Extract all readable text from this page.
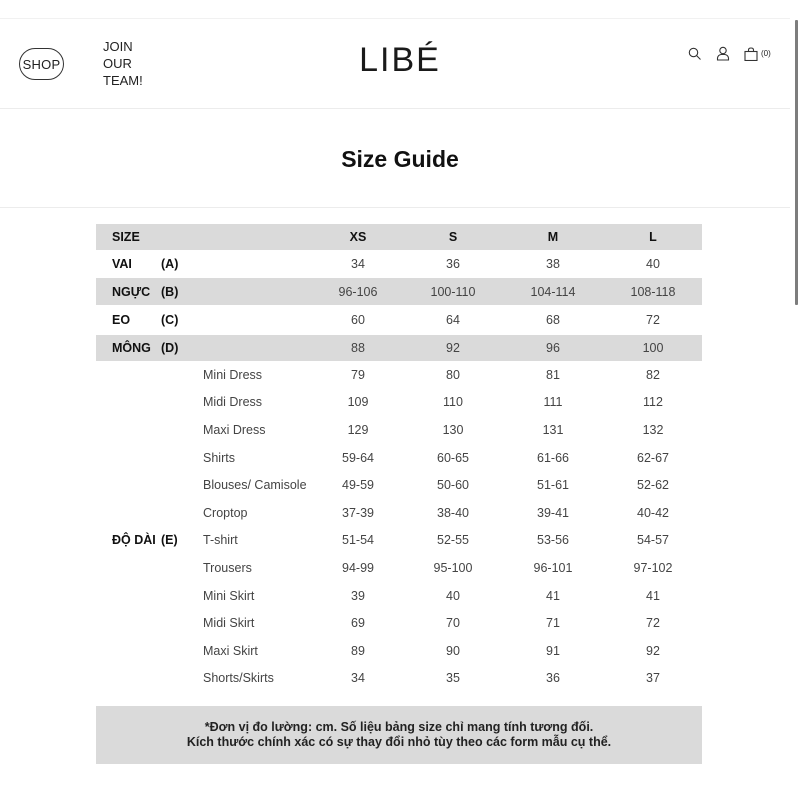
SHOP
JOIN
OUR
TEAM!
LIBÉ	(0)
Size Guide
SIZE	XS	S	M	L
VAI (A)	34	36	38	40
NGỰC (B)	96-106	100-110	104-114	108-118
EO (C)	60	64	68	72
MÔNG (D)	88	92	96	100
Mini Dress	79	80	81	82
Midi Dress	109	110	111	112
Maxi Dress	129	130	131	132
Shirts	59-64	60-65	61-66	62-67
Blouses/ Camisole	49-59	50-60	51-61	52-62
Croptop	37-39	38-40	39-41	40-42
T-shirt	51-54	52-55	53-56	54-57
Trousers	94-99	95-100	96-101	97-102
Mini Skirt	39	40	41	41
Midi Skirt	69	70	71	72
Maxi Skirt	89	90	91	92
Shorts/Skirts	34	35	36	37
ĐỘ DÀI (E)
*Đơn vị đo lường: cm. Số liệu bảng size chỉ mang tính tương đối.
Kích thước chính xác có sự thay đổi nhỏ tùy theo các form mẫu cụ thể.
